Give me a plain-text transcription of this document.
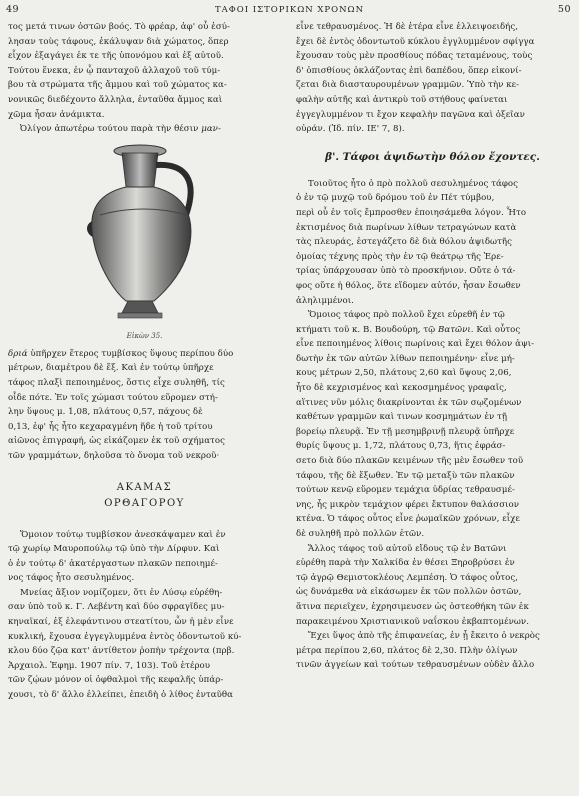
49	ΤΑΦΟΙ ΙΣΤΟΡΙΚΩΝ ΧΡΟΝΩΝ	50
τος μετά τινων ὀστῶν βοός. Τὸ φρέαρ, ἀφ' οὗ ἐσύ-
λησαν τοὺς τάφους, ἐκάλυψαν διὰ χώματος, ὅπερ
εἶχον ἐξαγάγει ἐκ τε τῆς ὑπονόμου καὶ ἐξ αὐτοῦ.
Τούτου ἕνεκα, ἐν ᾧ πανταχοῦ ἀλλαχοῦ τοῦ τύμ-
βου τὰ στρώματα τῆς ἄμμου καὶ τοῦ χώματος κα-
νονικῶς διεδέχοντο ἄλληλα, ἐνταῦθα ἄμμος καὶ
χῶμα ἦσαν ἀνάμικτα.
Ὀλίγον ἀπωτέρω τούτου παρὰ τὴν θέσιν μαν-
Εἰκὼν 35.
δριά ὑπῆρχεν ἕτερος τυμβίσκος ὕψους περίπου δύο
μέτρων, διαμέτρου δὲ ἕξ. Καὶ ἐν τούτῳ ὑπῆρχε
τάφος πλαξὶ πεποιημένος, ὅστις εἶχε συληθῆ, τίς
οἶδε πότε. Ἐν τοῖς χώμασι τούτου εὕρομεν στή-
λην ὕψους μ. 1,08, πλάτους 0,57, πάχους δὲ
0,13, ἐφ' ἧς ἦτο κεχαραγμένη ἥδε ἡ τοῦ τρίτου
αἰῶνος ἐπιγραφή, ὡς εἰκάζομεν ἐκ τοῦ σχήματος
τῶν γραμμάτων, δηλοῦσα τὸ ὄνομα τοῦ νεκροῦ·
ΑΚΑΜΑΣ
ΟΡΘΑΓΟΡΟΥ
Ὅμοιον τούτῳ τυμβίσκον ἀνεσκάψαμεν καὶ ἐν
τῷ χωρίῳ Μαυροπούλῳ τῷ ὑπὸ τὴν Δίρφυν. Καὶ
ὁ ἐν τούτῳ δ' ἀκατέργαστων πλακῶν πεποιημέ-
νος τάφος ἦτο σεσυλημένος.
Μνείας ἄξιον νομίζομεν, ὅτι ἐν Λύσῳ εὑρέθη-
σαν ὑπὸ τοῦ κ. Γ. Λεβέντη καὶ δύο σφραγῖδες μυ-
κηναϊκαί, ἐξ ἐλεφάντινου στεατίτου, ὧν ἡ μὲν εἶνε
κυκλική, ἔχουσα ἐγγεγλυμμένα ἐντὸς ὀδοντωτοῦ κύ-
κλου δύο ζῷα κατ' ἀντίθετον ῥοπὴν τρέχοντα (πρβ.
Ἀρχαιολ. Ἐφημ. 1907 πίν. 7, 103). Τοῦ ἑτέρου
τῶν ζῴων μόνον οἱ ὀφθαλμοὶ τῆς κεφαλῆς ὑπάρ-
χουσι, τὸ δ' ἄλλο ἐλλείπει, ἐπειδὴ ὁ λίθος ἐνταῦθα
εἶνε τεθραυσμένος. Ἡ δὲ ἑτέρα εἶνε ἐλλειψοειδής,
ἔχει δὲ ἐντὸς ὀδοντωτοῦ κύκλου ἐγγλυμμένον σφίγγα
ἔχουσαν τοὺς μὲν προσθίους πόδας τεταμένους, τοὺς
δ' ὀπισθίους ὀκλάζοντας ἐπὶ δαπέδου, ὅπερ εἰκονί-
ζεται διὰ διασταυρουμένων γραμμῶν. Ὑπὸ τὴν κε-
φαλὴν αὐτῆς καὶ ἀντικρὺ τοῦ στήθους φαίνεται
ἐγγεγλυμμένον τι ἔχον κεφαλὴν παγῶνα καὶ ὀξεῖαν
οὐράν. (Ἰδ. πίν. ΙΕ' 7, 8).
β'. Τάφοι ἁψιδωτὴν θόλον ἔχοντες.
Τοιοῦτος ἦτο ὁ πρὸ πολλοῦ σεσυλημένος τάφος
ὁ ἐν τῷ μυχῷ τοῦ δρόμου τοῦ ἐν Πέτ τύμβου,
περὶ οὗ ἐν τοῖς ἔμπροσθεν ἐποιησάμεθα λόγον. Ἦτο
ἐκτισμένος διὰ πωρίνων λίθων τετραγώνων κατὰ
τὰς πλευράς, ἐστεγάζετο δὲ διὰ θόλου ἁψιδωτῆς
ὁμοίας τέχνης πρὸς τὴν ἐν τῷ θεάτρῳ τῆς Ἐρε-
τρίας ὑπάρχουσαν ὑπὸ τὸ προσκήνιον. Οὔτε ὁ τά-
φος οὔτε ἡ θόλος, ὅτε εἴδομεν αὐτόν, ἦσαν ἔσωθεν
ἀληλιμμένοι.
Ὅμοιος τάφος πρὸ πολλοῦ ἔχει εὑρεθῆ ἐν τῷ
κτήματι τοῦ κ. Β. Βουδούρη, τῷ Βατῶνι. Καὶ οὗτος
εἶνε πεποιημένος λίθοις πωρίνοις καὶ ἔχει θόλον ἁψι-
δωτὴν ἐκ τῶν αὐτῶν λίθων πεποιημένην· εἶνε μή-
κους μέτρων 2,50, πλάτους 2,60 καὶ ὕψους 2,06,
ἦτο δὲ κεχρισμένος καὶ κεκοσμημένος γραφαῖς,
αἵτινες νῦν μόλις διακρίνονται ἐκ τῶν σῳζομένων
καθέτων γραμμῶν καὶ τινων κοσμημάτων ἐν τῇ
βορείῳ πλευρᾷ. Ἐν τῇ μεσημβρινῇ πλευρᾷ ὑπῆρχε
θυρίς ὕψους μ. 1,72, πλάτους 0,73, ἥτις ἐφράσ-
σετο διὰ δύο πλακῶν κειμένων τῆς μὲν ἔσωθεν τοῦ
τάφου, τῆς δὲ ἔξωθεν. Ἐν τῷ μεταξὺ τῶν πλακῶν
τούτων κενῷ εὕρομεν τεμάχια ὑδρίας τεθραυσμέ-
νης, ἧς μικρὸν τεμάχιον φέρει ἔκτυπον θαλάσσιον
κτένα. Ὁ τάφος οὗτος εἶνε ῥωμαϊκῶν χρόνων, εἶχε
δὲ συληθῆ πρὸ πολλῶν ἐτῶν.
Ἄλλος τάφος τοῦ αὐτοῦ εἴδους τῷ ἐν Βατῶνι
εὑρέθη παρὰ τὴν Χαλκίδα ἐν θέσει Ξηροβρύσει ἐν
τῷ ἀγρῷ Θεμιστοκλέους Λεμπέση. Ὁ τάφος οὗτος,
ὡς δυνάμεθα νὰ εἰκάσωμεν ἐκ τῶν πολλῶν ὀστῶν,
ἅτινα περιεῖχεν, ἐχρησιμευσεν ὡς ὀστεοθήκη τῶν ἐκ
παρακειμένου Χριστιανικοῦ ναΐσκου ἐκβαπτομένων.
Ἔχει ὕψος ἀπὸ τῆς ἐπιφανείας, ἐν ᾗ ἔκειτο ὁ νεκρὸς
μέτρα περίπου 2,60, πλάτος δὲ 2,30. Πλὴν ὀλίγων
τινῶν ἀγγείων καὶ τούτων τεθραυσμένων οὐδὲν ἄλλο
